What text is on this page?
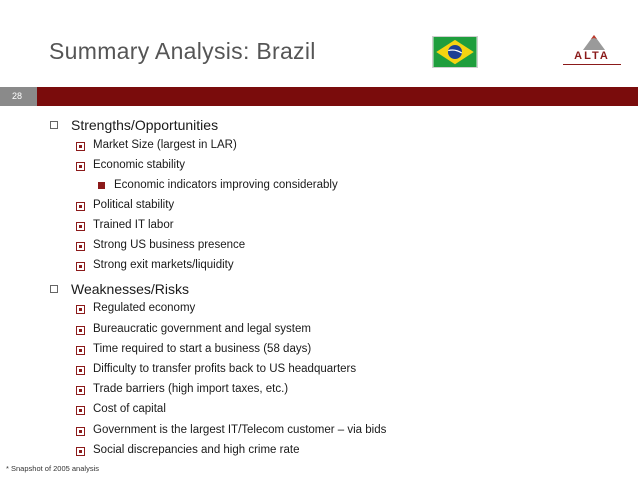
Summary Analysis: Brazil	ALTA
28
Strengths/Opportunities
Market Size (largest in LAR)
Economic stability
Economic indicators improving considerably
Political stability
Trained IT labor
Strong US business presence
Strong exit markets/liquidity
Weaknesses/Risks
Regulated economy
Bureaucratic government and legal system
Time required to start a business (58 days)
Difficulty to transfer profits back to US headquarters
Trade barriers (high import taxes, etc.)
Cost of capital
Government is the largest IT/Telecom customer – via bids
Social discrepancies and high crime rate
* Snapshot of 2005 analysis
